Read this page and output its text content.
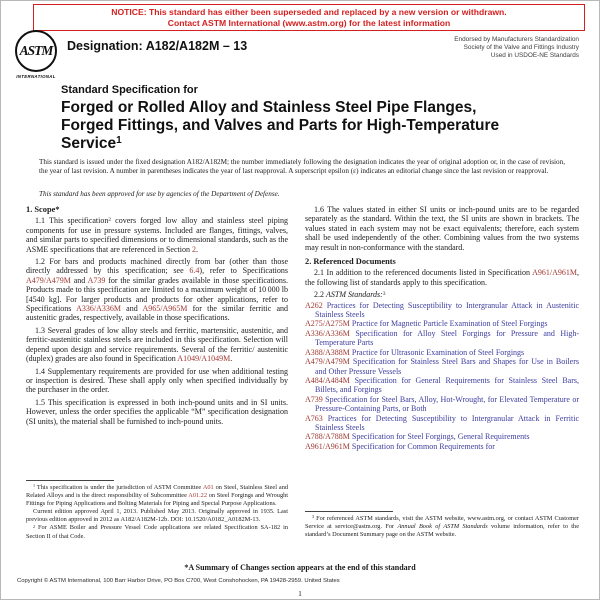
NOTICE: This standard has either been superseded and replaced by a new version or withdrawn.
Contact ASTM International (www.astm.org) for the latest information
ASTM
INTERNATIONAL
Designation: A182/A182M – 13	Endorsed by Manufacturers Standardization
Society of the Valve and Fittings Industry
Used in USDOE-NE Standards
Standard Specification for
Forged or Rolled Alloy and Stainless Steel Pipe Flanges,
Forged Fittings, and Valves and Parts for High-Temperature
Service$^1$
This standard is issued under the fixed designation A182/A182M; the number immediately following the designation indicates the year of original adoption or, in the case of revision, the year of last revision. A number in parentheses indicates the year of last reapproval. A superscript epsilon (ε) indicates an editorial change since the last revision or reapproval.
This standard has been approved for use by agencies of the Department of Defense.
1. Scope*

1.1 This specification$^2$ covers forged low alloy and stainless steel piping components for use in pressure systems. Included are flanges, fittings, valves, and similar parts to specified dimensions or to dimensional standards, such as the ASME specifications that are referenced in Section 2.

1.2 For bars and products machined directly from bar (other than those directly addressed by this specification; see 6.4), refer to Specifications A479/A479M and A739 for the similar grades available in those specifications. Products made to this specification are limited to a maximum weight of 10 000 lb [4540 kg]. For larger products and products for other applications, refer to Specifications A336/A336M and A965/A965M for the similar ferritic and austenitic grades, respectively, available in those specifications.

1.3 Several grades of low alloy steels and ferritic, martensitic, austenitic, and ferritic-austenitic stainless steels are included in this specification. Selection will depend upon design and service requirements. Several of the ferritic/ austenitic (duplex) grades are also found in Specification A1049/A1049M.

1.4 Supplementary requirements are provided for use when additional testing or inspection is desired. These shall apply only when specified individually by the purchaser in the order.

1.5 This specification is expressed in both inch-pound units and in SI units. However, unless the order specifies the applicable “M” specification designation (SI units), the material shall be furnished to inch-pound units.

1.6 The values stated in either SI units or inch-pound units are to be regarded separately as the standard. Within the text, the SI units are shown in brackets. The values stated in each system may not be exact equivalents; therefore, each system shall be used independently of the other. Combining values from the two systems may result in non-conformance with the standard.

2. Referenced Documents

2.1 In addition to the referenced documents listed in Specification A961/A961M, the following list of standards apply to this specification.

2.2 ASTM Standards:$^3$

A262 Practices for Detecting Susceptibility to Intergranular Attack in Austenitic Stainless Steels

A275/A275M Practice for Magnetic Particle Examination of Steel Forgings

A336/A336M Specification for Alloy Steel Forgings for Pressure and High-Temperature Parts

A388/A388M Practice for Ultrasonic Examination of Steel Forgings

A479/A479M Specification for Stainless Steel Bars and Shapes for Use in Boilers and Other Pressure Vessels

A484/A484M Specification for General Requirements for Stainless Steel Bars, Billets, and Forgings

A739 Specification for Steel Bars, Alloy, Hot-Wrought, for Elevated Temperature or Pressure-Containing Parts, or Both

A763 Practices for Detecting Susceptibility to Intergranular Attack in Ferritic Stainless Steels

A788/A788M Specification for Steel Forgings, General Requirements

A961/A961M Specification for Common Requirements for

$^1$ This specification is under the jurisdiction of ASTM Committee A01 on Steel, Stainless Steel and Related Alloys and is the direct responsibility of Subcommittee A01.22 on Steel Forgings and Wrought Fittings for Piping Applications and Bolting Materials for Piping and Special Purpose Applications.

Current edition approved April 1, 2013. Published May 2013. Originally approved in 1935. Last previous edition approved in 2012 as A182/A182M-12b. DOI: 10.1520/A0182_A0182M-13.

$^2$ For ASME Boiler and Pressure Vessel Code applications see related Specification SA-182 in Section II of that Code.

$^3$ For referenced ASTM standards, visit the ASTM website, www.astm.org, or contact ASTM Customer Service at service@astm.org. For Annual Book of ASTM Standards volume information, refer to the standard’s Document Summary page on the ASTM website.

*A Summary of Changes section appears at the end of this standard
Copyright © ASTM International, 100 Barr Harbor Drive, PO Box C700, West Conshohocken, PA 19428-2959. United States
1
